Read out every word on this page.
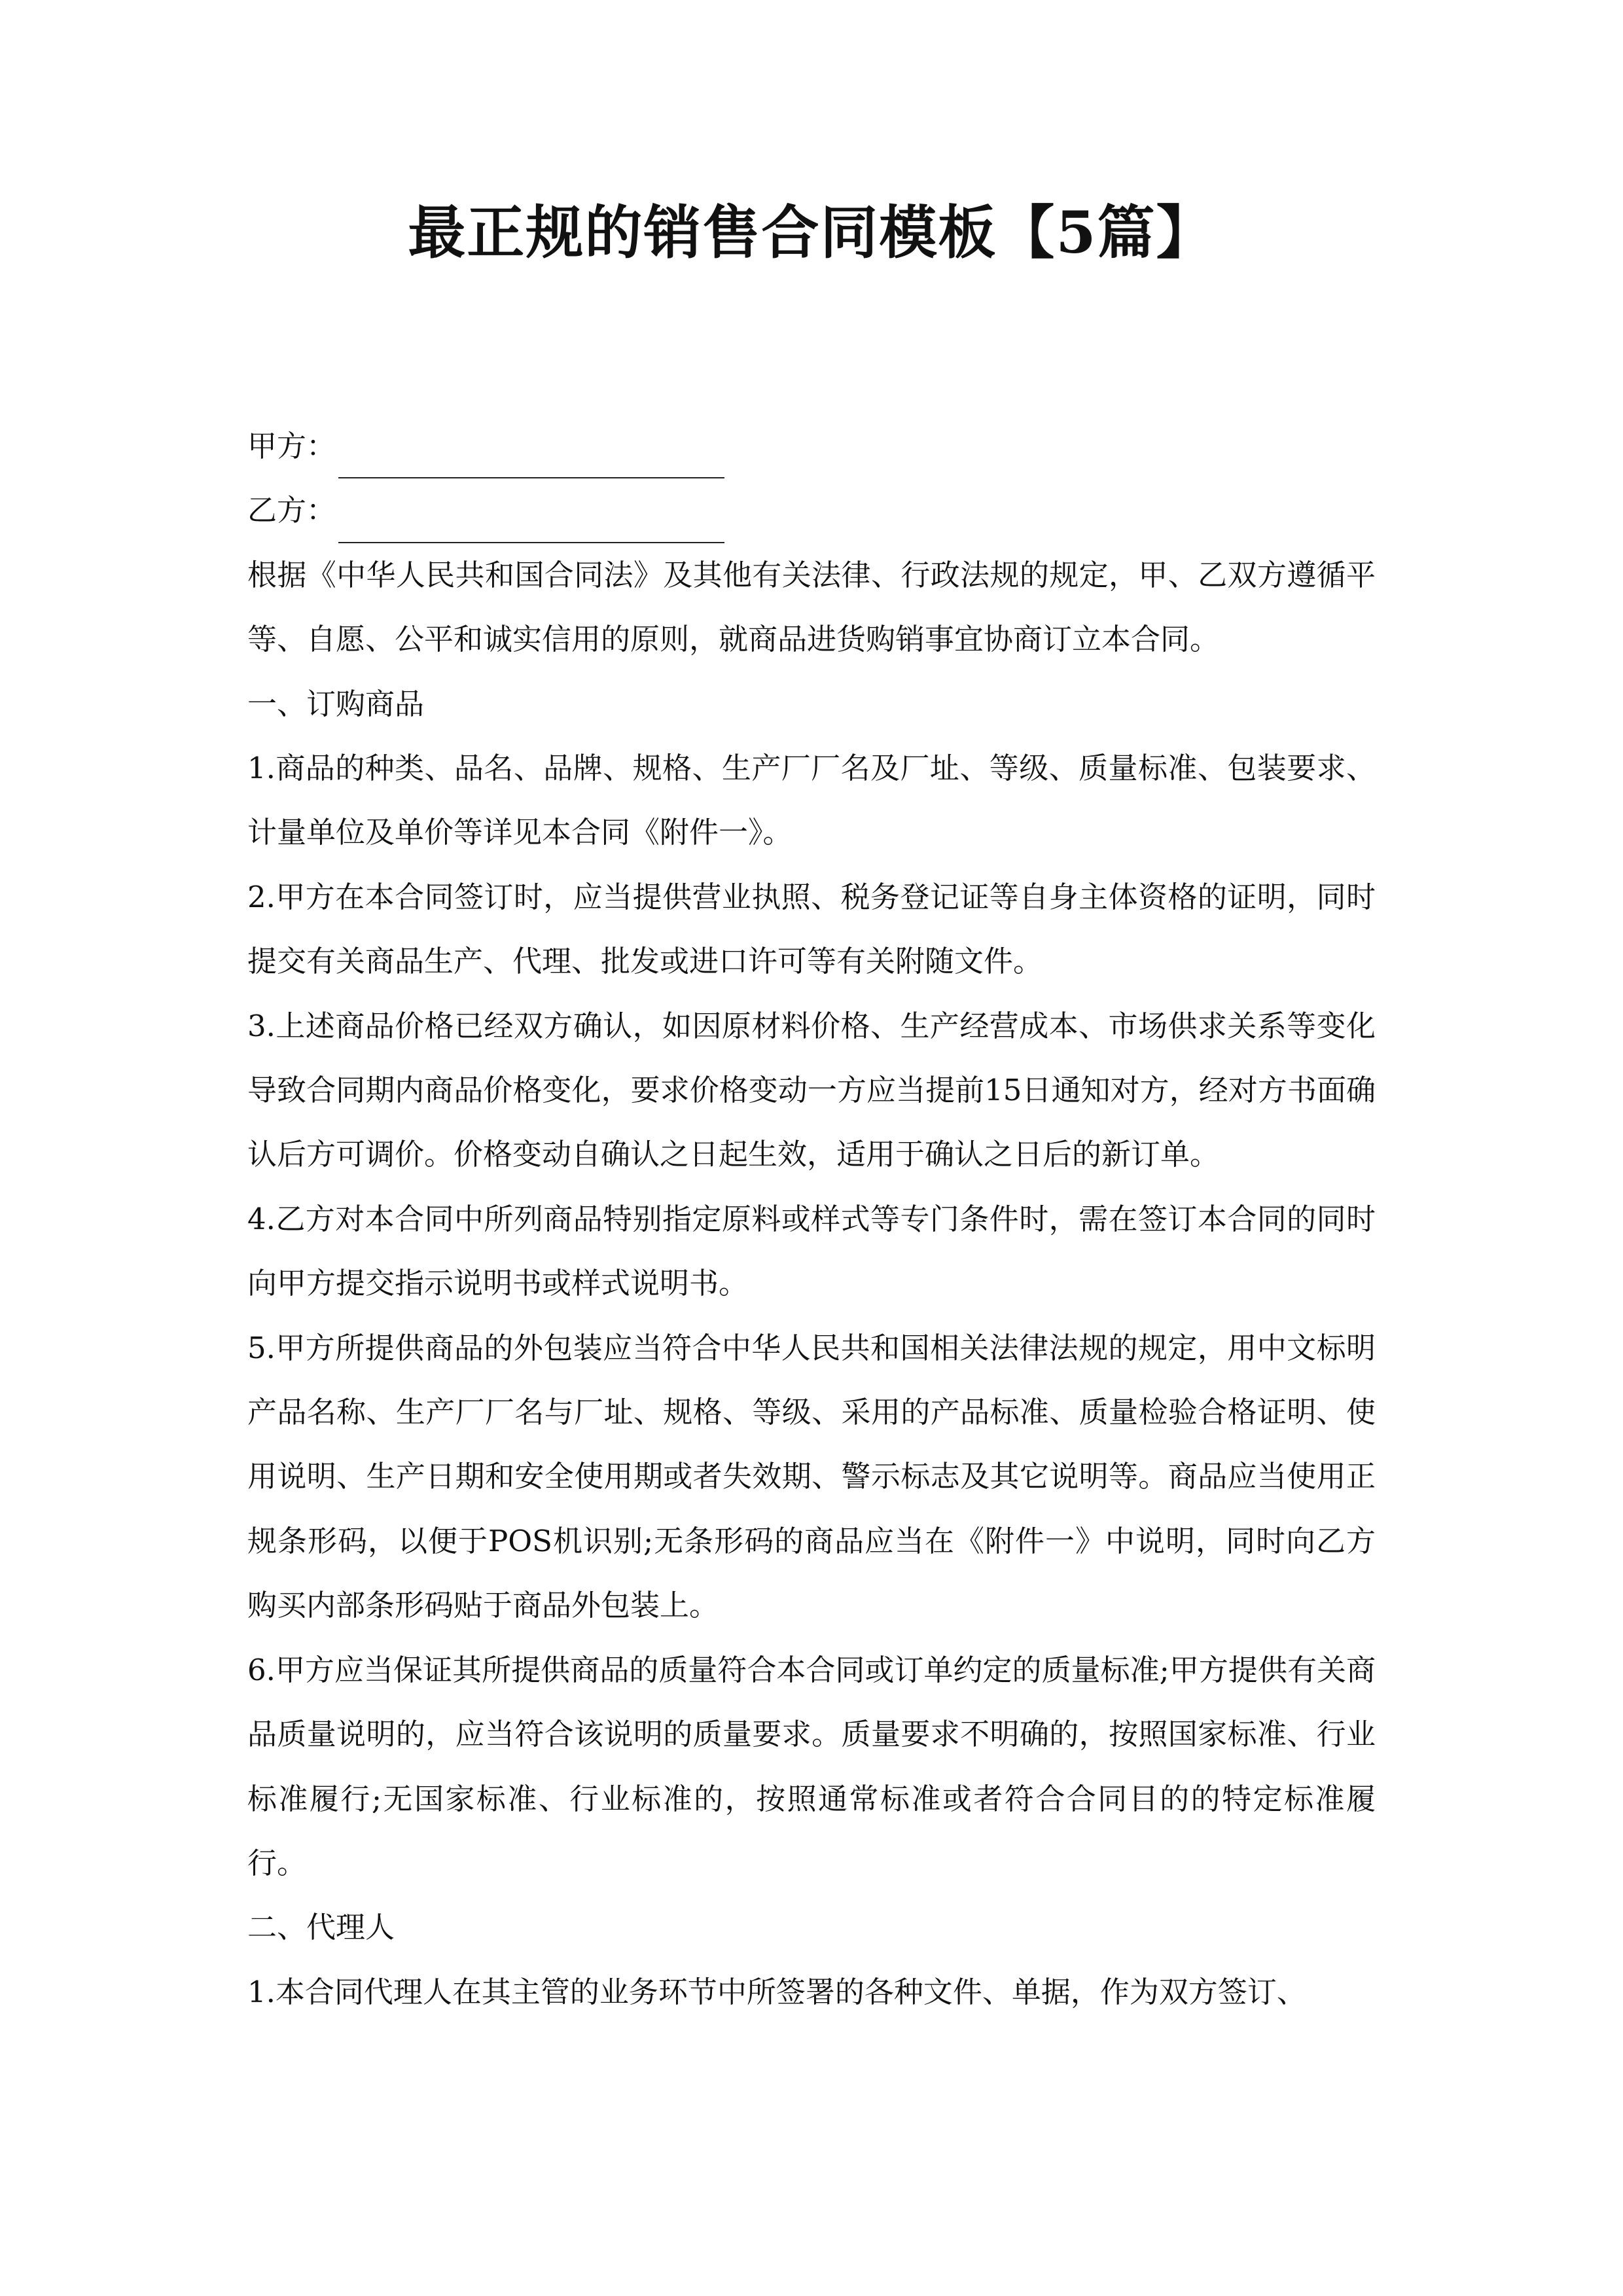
最正规的销售合同模板【5篇】
甲方：
乙方：

根据《中华人民共和国合同法》及其他有关法律、行政法规的规定，甲、乙双方遵循平等、自愿、公平和诚实信用的原则，就商品进货购销事宜协商订立本合同。

一、订购商品

1.商品的种类、品名、品牌、规格、生产厂厂名及厂址、等级、质量标准、包装要求、计量单位及单价等详见本合同《附件一》。

2.甲方在本合同签订时，应当提供营业执照、税务登记证等自身主体资格的证明，同时提交有关商品生产、代理、批发或进口许可等有关附随文件。

3.上述商品价格已经双方确认，如因原材料价格、生产经营成本、市场供求关系等变化导致合同期内商品价格变化，要求价格变动一方应当提前15日通知对方，经对方书面确认后方可调价。价格变动自确认之日起生效，适用于确认之日后的新订单。

4.乙方对本合同中所列商品特别指定原料或样式等专门条件时，需在签订本合同的同时向甲方提交指示说明书或样式说明书。

5.甲方所提供商品的外包装应当符合中华人民共和国相关法律法规的规定，用中文标明产品名称、生产厂厂名与厂址、规格、等级、采用的产品标准、质量检验合格证明、使用说明、生产日期和安全使用期或者失效期、警示标志及其它说明等。商品应当使用正规条形码，以便于POS机识别;无条形码的商品应当在《附件一》中说明，同时向乙方购买内部条形码贴于商品外包装上。

6.甲方应当保证其所提供商品的质量符合本合同或订单约定的质量标准;甲方提供有关商品质量说明的，应当符合该说明的质量要求。质量要求不明确的，按照国家标准、行业标准履行;无国家标准、行业标准的，按照通常标准或者符合合同目的的特定标准履行。

二、代理人

1.本合同代理人在其主管的业务环节中所签署的各种文件、单据，作为双方签订、
